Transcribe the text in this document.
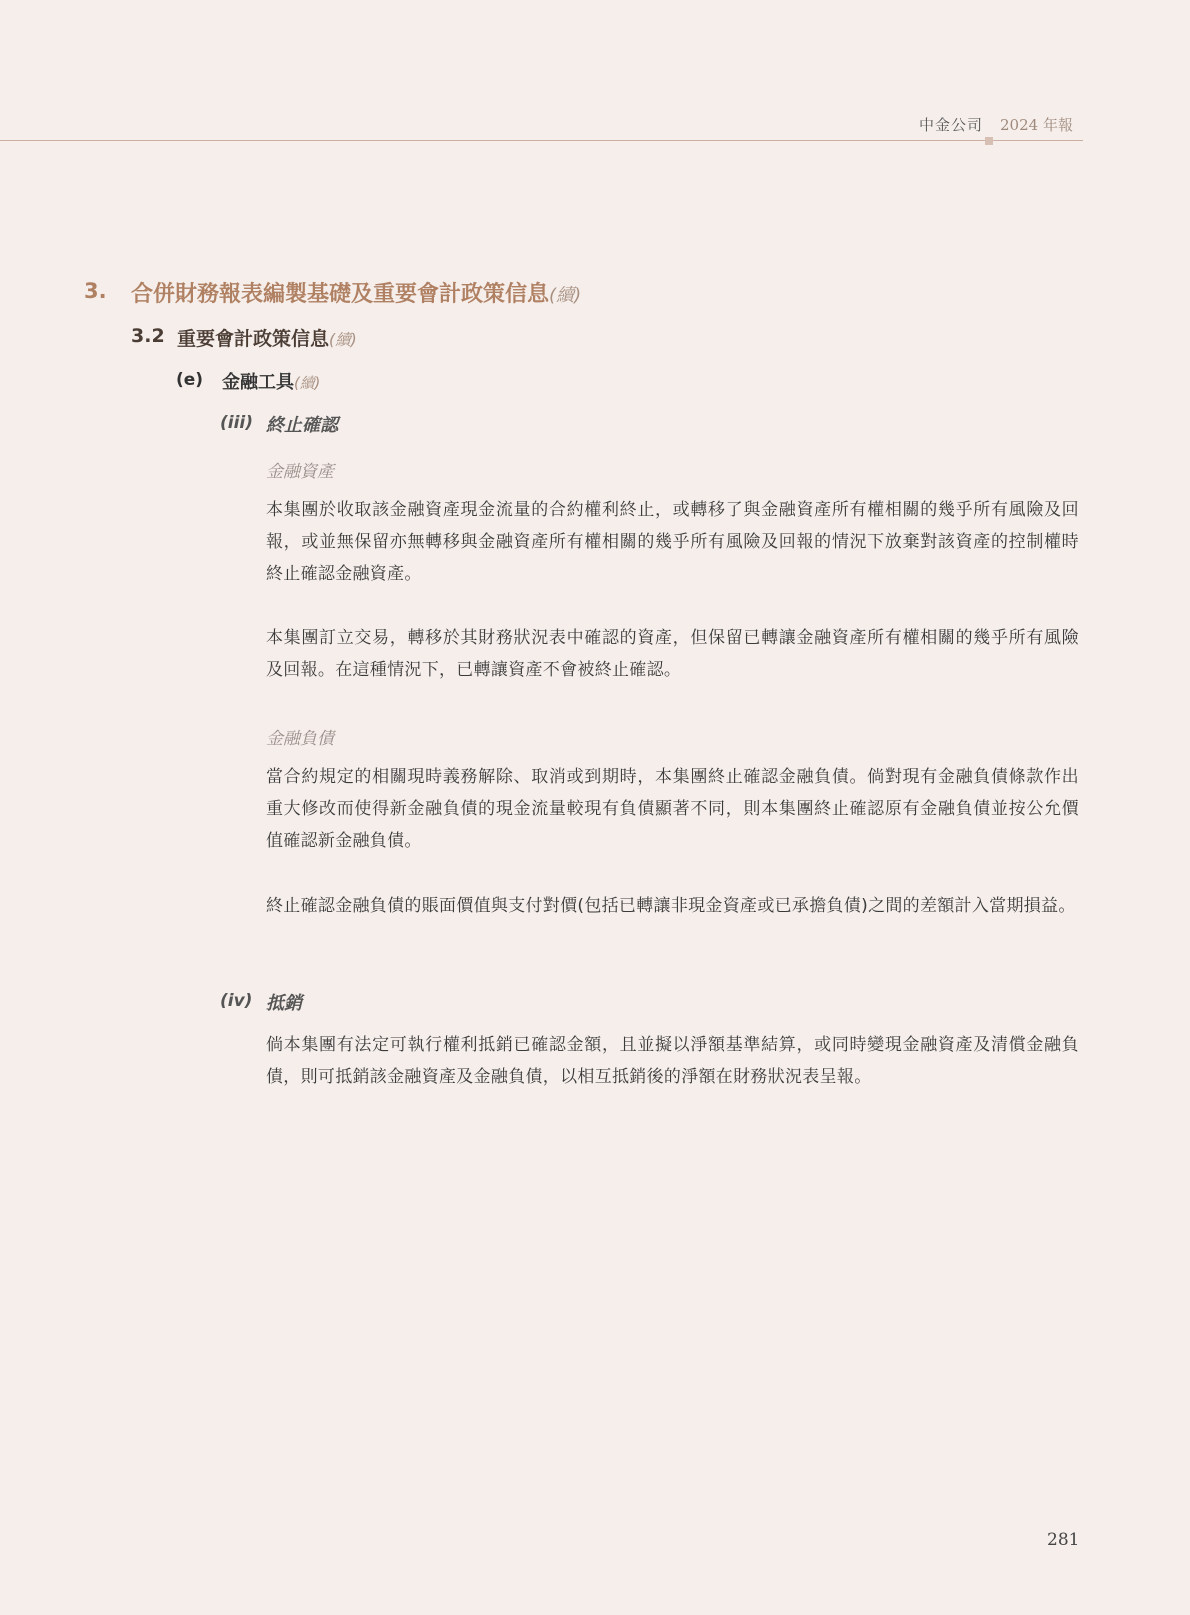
中金公司 2024 年報
3. 合併財務報表編製基礎及重要會計政策信息(續)
3.2 重要會計政策信息(續)
(e) 金融工具(續)
(iii) 終止確認
金融資產

本集團於收取該金融資產現金流量的合約權利終止，或轉移了與金融資產所有權相關的幾乎所有風險及回報，或並無保留亦無轉移與金融資產所有權相關的幾乎所有風險及回報的情況下放棄對該資產的控制權時終止確認金融資產。

本集團訂立交易，轉移於其財務狀況表中確認的資產，但保留已轉讓金融資產所有權相關的幾乎所有風險及回報。在這種情況下，已轉讓資產不會被終止確認。

金融負債

當合約規定的相關現時義務解除、取消或到期時，本集團終止確認金融負債。倘對現有金融負債條款作出重大修改而使得新金融負債的現金流量較現有負債顯著不同，則本集團終止確認原有金融負債並按公允價值確認新金融負債。

終止確認金融負債的賬面價值與支付對價(包括已轉讓非現金資產或已承擔負債)之間的差額計入當期損益。

(iv) 抵銷

倘本集團有法定可執行權利抵銷已確認金額，且並擬以淨額基準結算，或同時變現金融資產及清償金融負債，則可抵銷該金融資產及金融負債，以相互抵銷後的淨額在財務狀況表呈報。

281
